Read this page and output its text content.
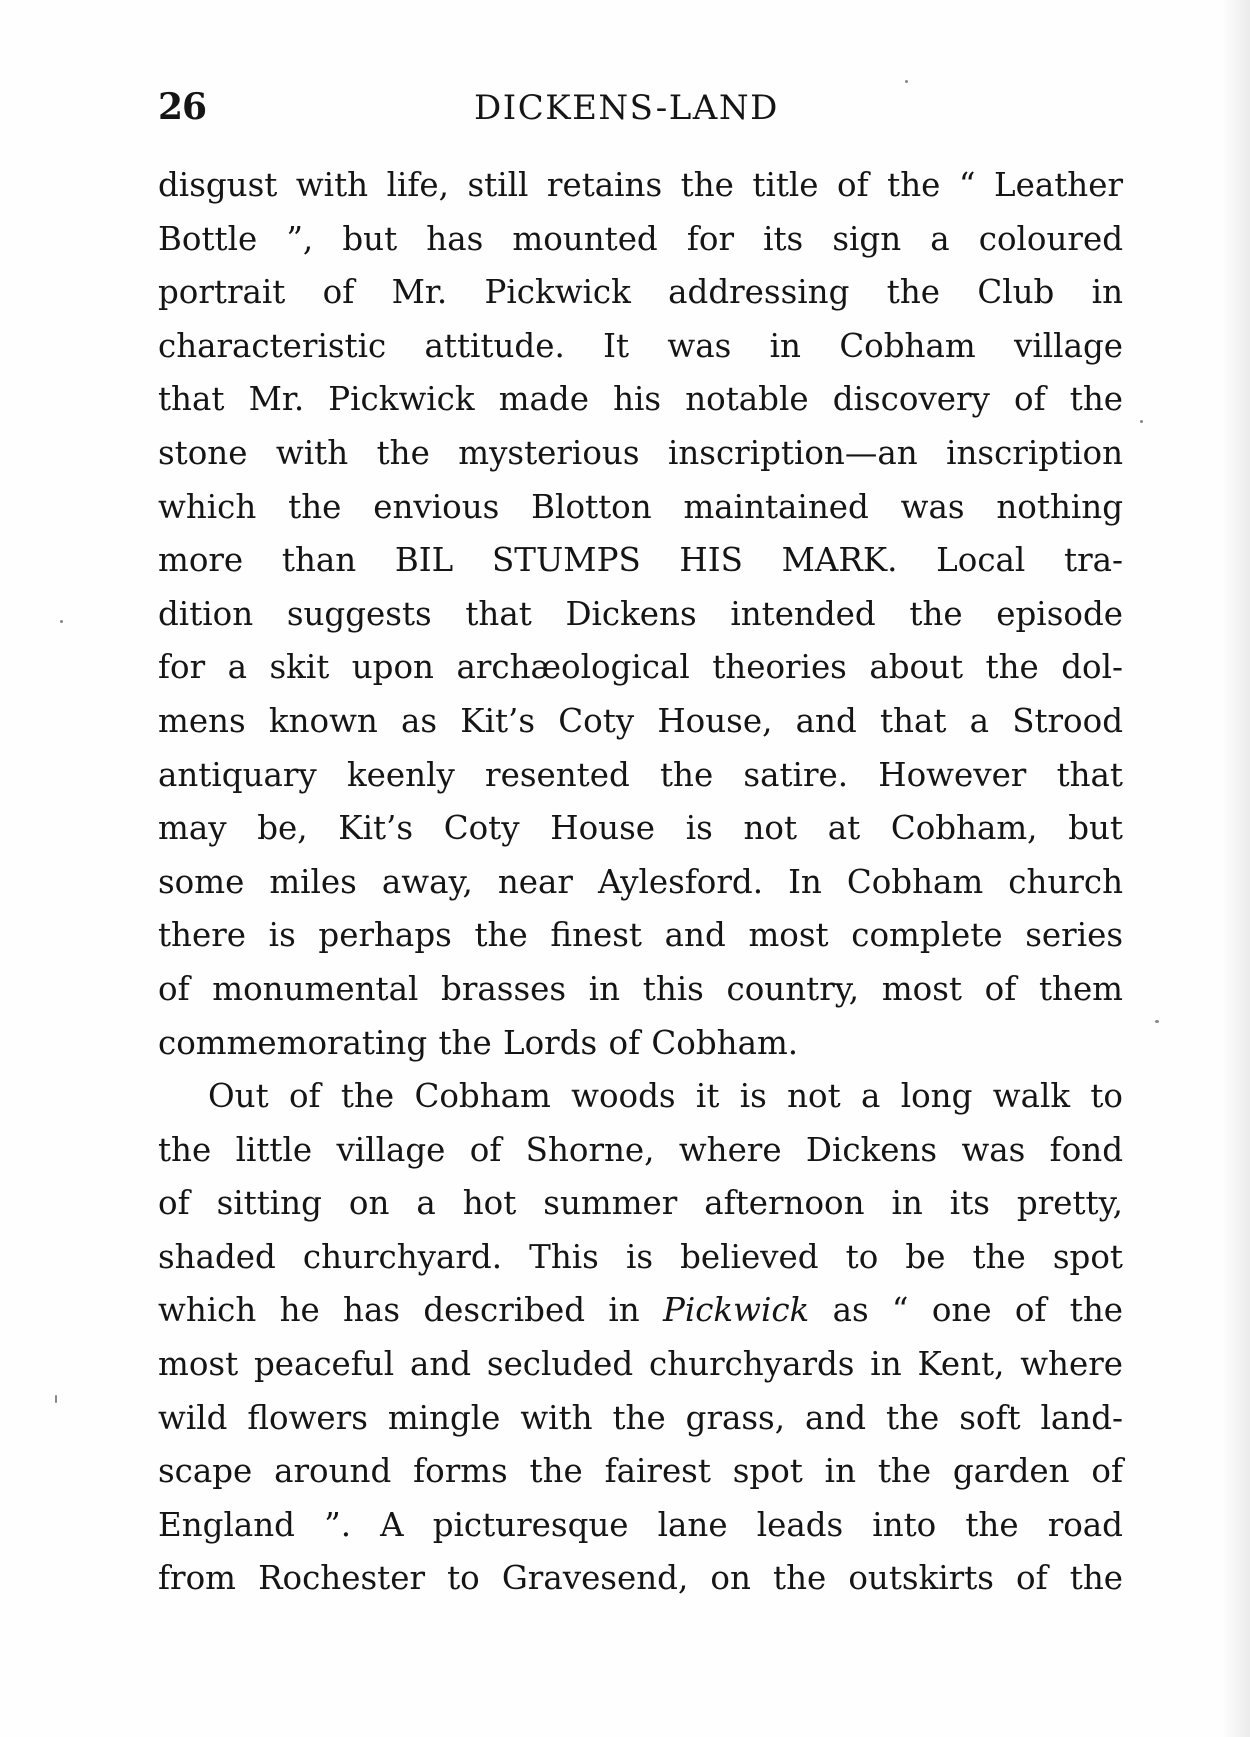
26	DICKENS-LAND

disgust with life, still retains the title of the “ Leather
Bottle ”, but has mounted for its sign a coloured
portrait of Mr. Pickwick addressing the Club in
characteristic attitude. It was in Cobham village
that Mr. Pickwick made his notable discovery of the
stone with the mysterious inscription—an inscription
which the envious Blotton maintained was nothing
more than BIL STUMPS HIS MARK. Local tra-
dition suggests that Dickens intended the episode
for a skit upon archæological theories about the dol-
mens known as Kit’s Coty House, and that a Strood
antiquary keenly resented the satire. However that
may be, Kit’s Coty House is not at Cobham, but
some miles away, near Aylesford. In Cobham church
there is perhaps the finest and most complete series
of monumental brasses in this country, most of them
commemorating the Lords of Cobham.

Out of the Cobham woods it is not a long walk to
the little village of Shorne, where Dickens was fond
of sitting on a hot summer afternoon in its pretty,
shaded churchyard. This is believed to be the spot
which he has described in Pickwick as “ one of the
most peaceful and secluded churchyards in Kent, where
wild flowers mingle with the grass, and the soft land-
scape around forms the fairest spot in the garden of
England ”. A picturesque lane leads into the road
from Rochester to Gravesend, on the outskirts of the
